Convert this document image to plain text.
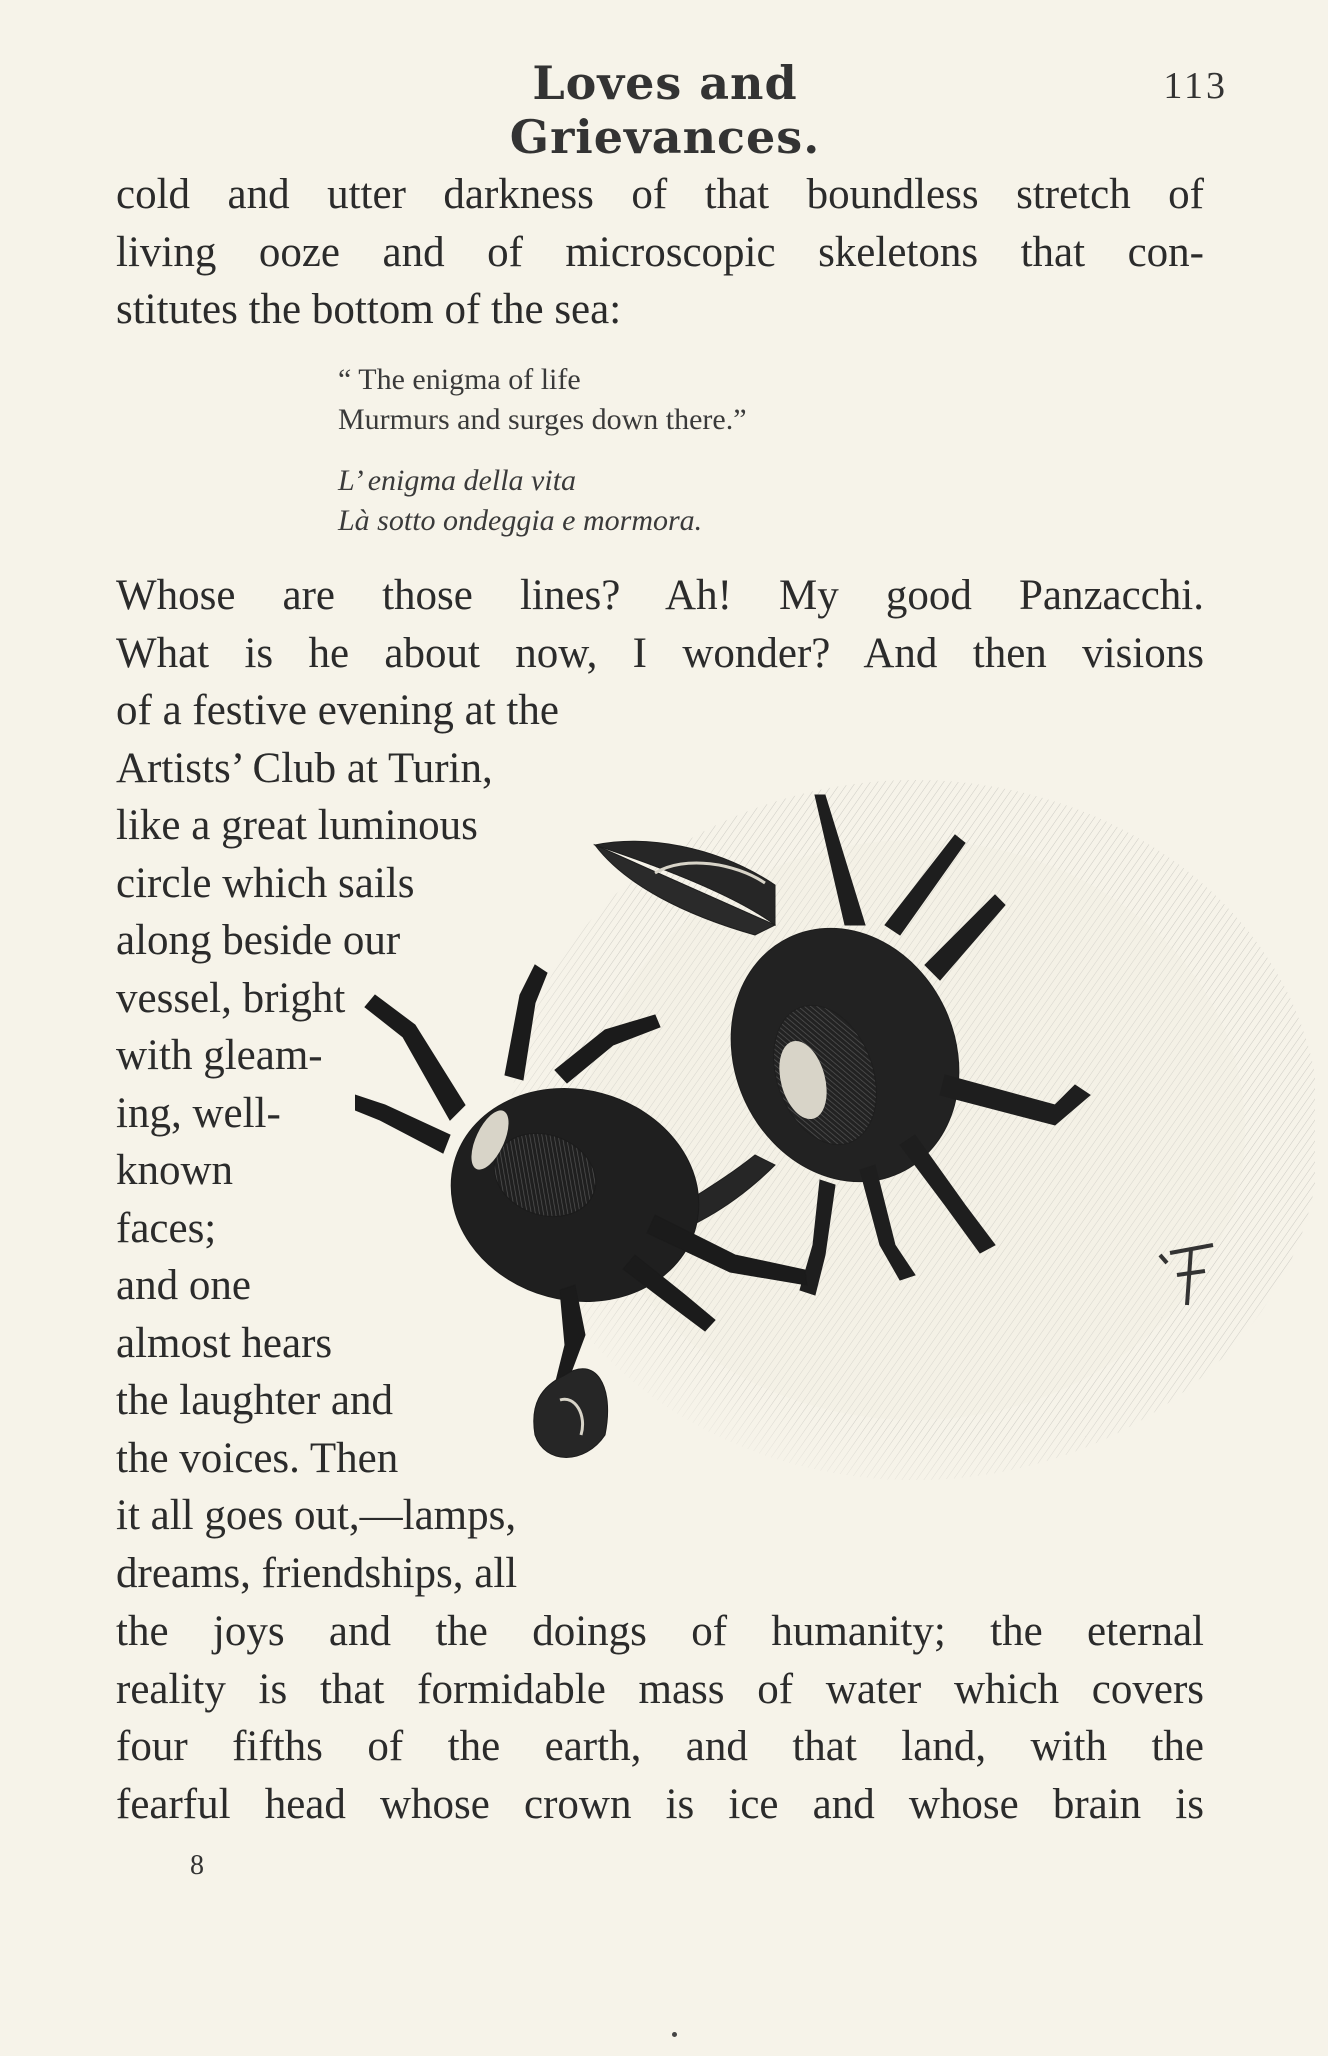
Loves and Grievances.
113
cold and utter darkness of that boundless stretch of
living ooze and of microscopic skeletons that con-
stitutes the bottom of the sea:
“ The enigma of life
Murmurs and surges down there.”
L’ enigma della vita
Là sotto ondeggia e mormora.
Whose are those lines? Ah! My good Panzacchi.
What is he about now, I wonder? And then visions
of a festive evening at the
Artists’ Club at Turin,
like a great luminous
circle which sails
along beside our
vessel, bright
with gleam-
ing, well-
known
faces;
and one
almost hears
the laughter and
the voices. Then
it all goes out,—lamps,
dreams, friendships, all
the joys and the doings of humanity; the eternal
reality is that formidable mass of water which covers
four fifths of the earth, and that land, with the
fearful head whose crown is ice and whose brain is
8
